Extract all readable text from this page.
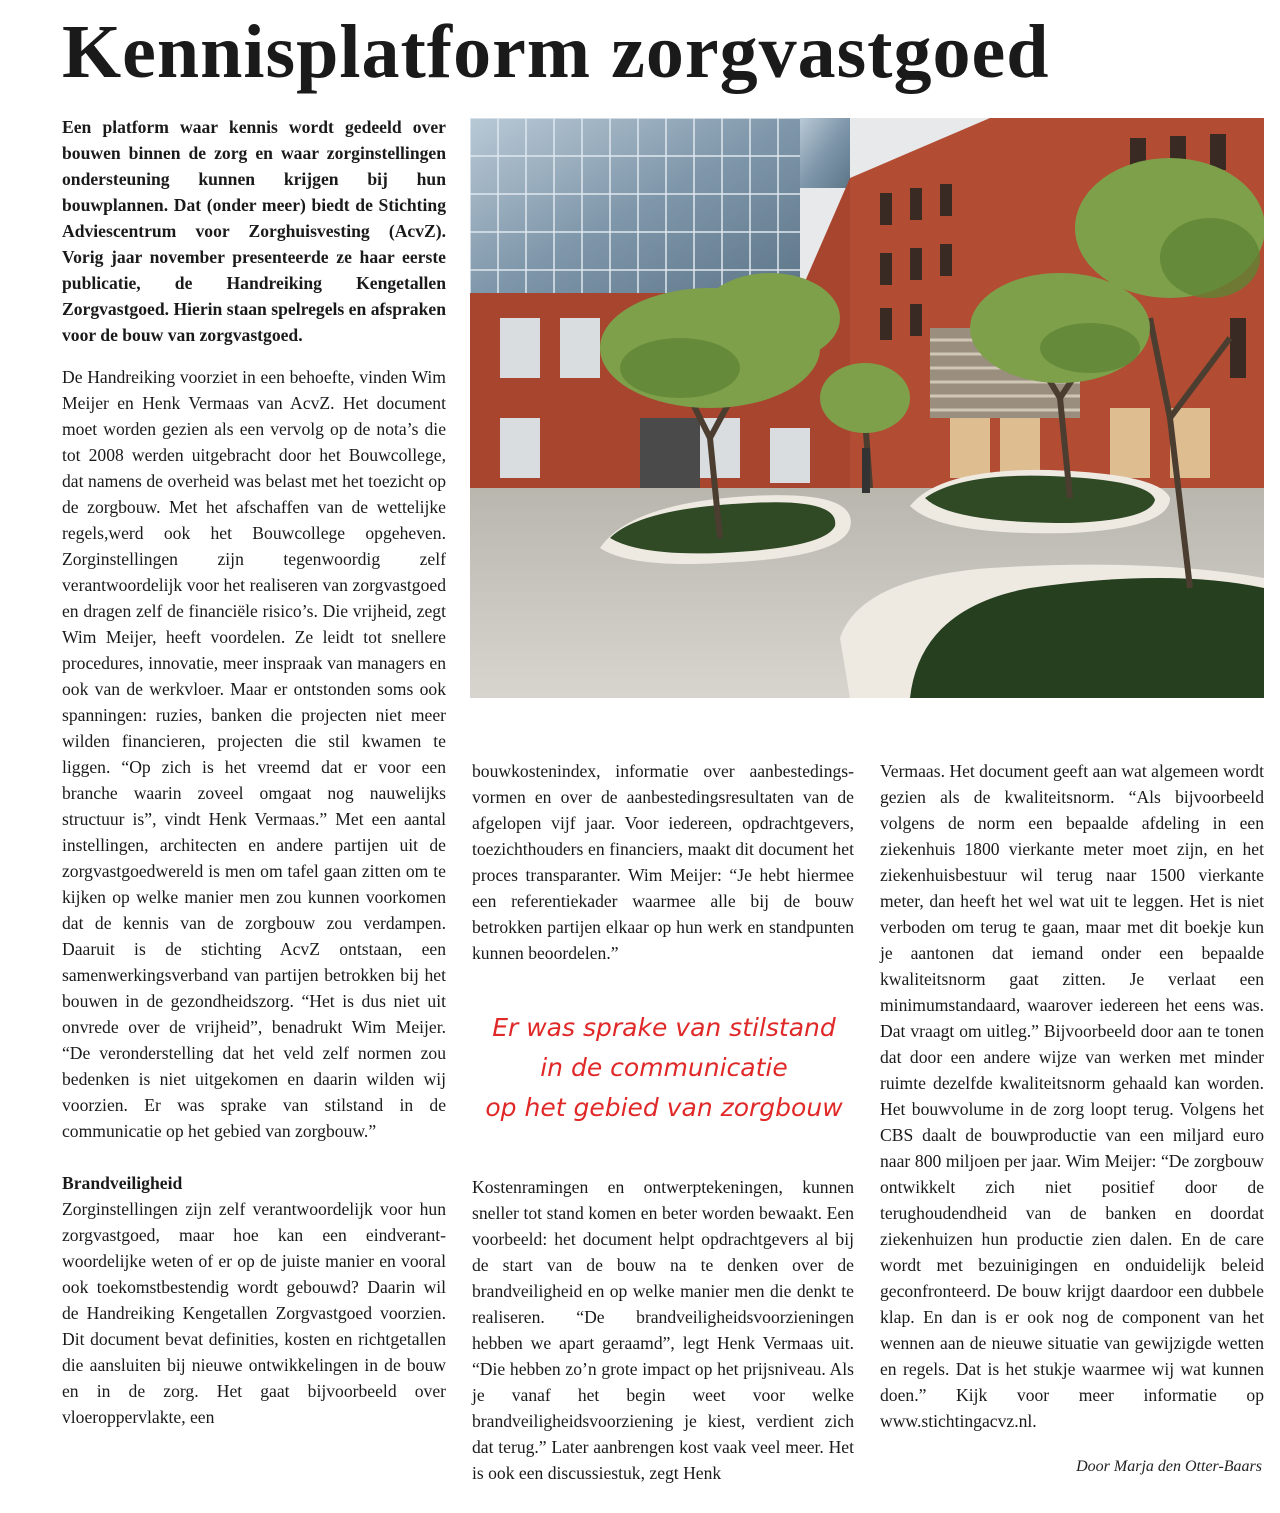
Kennisplatform zorgvastgoed

Een platform waar kennis wordt gedeeld over bouwen binnen de zorg en waar zorginstellingen ondersteuning kunnen krijgen bij hun bouwplannen. Dat (onder meer) biedt de Stichting Adviescentrum voor Zorghuisvesting (AcvZ). Vorig jaar november presenteerde ze haar eerste publicatie, de Handreiking Kengetallen Zorgvastgoed. Hierin staan spelregels en afspraken voor de bouw van zorgvastgoed.

De Handreiking voorziet in een behoefte, vinden Wim Meijer en Henk Vermaas van AcvZ. Het document moet worden gezien als een vervolg op de nota’s die tot 2008 werden uitgebracht door het Bouwcollege, dat namens de overheid was belast met het toezicht op de zorgbouw. Met het afschaffen van de wettelijke regels,werd ook het Bouwcollege opgeheven. Zorginstellingen zijn tegenwoordig zelf verantwoordelijk voor het realiseren van zorgvastgoed en dragen zelf de financiële risico’s. Die vrijheid, zegt Wim Meijer, heeft voordelen. Ze leidt tot snellere procedures, innovatie, meer inspraak van managers en ook van de werkvloer. Maar er ontstonden soms ook spanningen: ruzies, banken die projecten niet meer wilden financieren, projecten die stil kwamen te liggen. “Op zich is het vreemd dat er voor een branche waarin zoveel omgaat nog nauwelijks structuur is”, vindt Henk Vermaas.” Met een aantal instellingen, architecten en andere partijen uit de zorgvastgoedwereld is men om tafel gaan zitten om te kijken op welke manier men zou kunnen voorkomen dat de kennis van de zorgbouw zou verdampen. Daaruit is de stichting AcvZ ontstaan, een samenwerkingsverband van partijen betrokken bij het bouwen in de gezondheidszorg. “Het is dus niet uit onvrede over de vrijheid”, benadrukt Wim Meijer. “De veronderstelling dat het veld zelf normen zou bedenken is niet uitgekomen en daarin wilden wij voorzien. Er was sprake van stilstand in de communicatie op het gebied van zorgbouw.”

Brandveiligheid

Zorginstellingen zijn zelf verantwoordelijk voor hun zorgvastgoed, maar hoe kan een eindverantwoordelijke weten of er op de juiste manier en vooral ook toekomstbestendig wordt gebouwd? Daarin wil de Handreiking Kengetallen Zorgvastgoed voorzien. Dit document bevat definities, kosten en richtgetallen die aansluiten bij nieuwe ontwikkelingen in de bouw en in de zorg. Het gaat bijvoorbeeld over vloeroppervlakte, een

bouwkostenindex, informatie over aanbestedingsvormen en over de aanbestedingsresultaten van de afgelopen vijf jaar. Voor iedereen, opdrachtgevers, toezichthouders en financiers, maakt dit document het proces transparanter. Wim Meijer: “Je hebt hiermee een referentiekader waarmee alle bij de bouw betrokken partijen elkaar op hun werk en standpunten kunnen beoordelen.”

Er was sprake van stilstand
in de communicatie
op het gebied van zorgbouw

Kostenramingen en ontwerptekeningen, kunnen sneller tot stand komen en beter worden bewaakt. Een voorbeeld: het document helpt opdrachtgevers al bij de start van de bouw na te denken over de brandveiligheid en op welke manier men die denkt te realiseren. “De brandveiligheidsvoorzieningen hebben we apart geraamd”, legt Henk Vermaas uit. “Die hebben zo’n grote impact op het prijsniveau. Als je vanaf het begin weet voor welke brandveiligheidsvoorziening je kiest, verdient zich dat terug.” Later aanbrengen kost vaak veel meer. Het is ook een discussiestuk, zegt Henk

Vermaas. Het document geeft aan wat algemeen wordt gezien als de kwaliteitsnorm. “Als bijvoorbeeld volgens de norm een bepaalde afdeling in een ziekenhuis 1800 vierkante meter moet zijn, en het ziekenhuisbestuur wil terug naar 1500 vierkante meter, dan heeft het wel wat uit te leggen. Het is niet verboden om terug te gaan, maar met dit boekje kun je aantonen dat iemand onder een bepaalde kwaliteitsnorm gaat zitten. Je verlaat een minimumstandaard, waarover iedereen het eens was. Dat vraagt om uitleg.” Bijvoorbeeld door aan te tonen dat door een andere wijze van werken met minder ruimte dezelfde kwaliteitsnorm gehaald kan worden. Het bouwvolume in de zorg loopt terug. Volgens het CBS daalt de bouwproductie van een miljard euro naar 800 miljoen per jaar. Wim Meijer: “De zorgbouw ontwikkelt zich niet positief door de terughoudendheid van de banken en doordat ziekenhuizen hun productie zien dalen. En de care wordt met bezuinigingen en onduidelijk beleid geconfronteerd. De bouw krijgt daardoor een dubbele klap. En dan is er ook nog de component van het wennen aan de nieuwe situatie van gewijzigde wetten en regels. Dat is het stukje waarmee wij wat kunnen doen.” Kijk voor meer informatie op www.stichtingacvz.nl.

Door Marja den Otter-Baars
